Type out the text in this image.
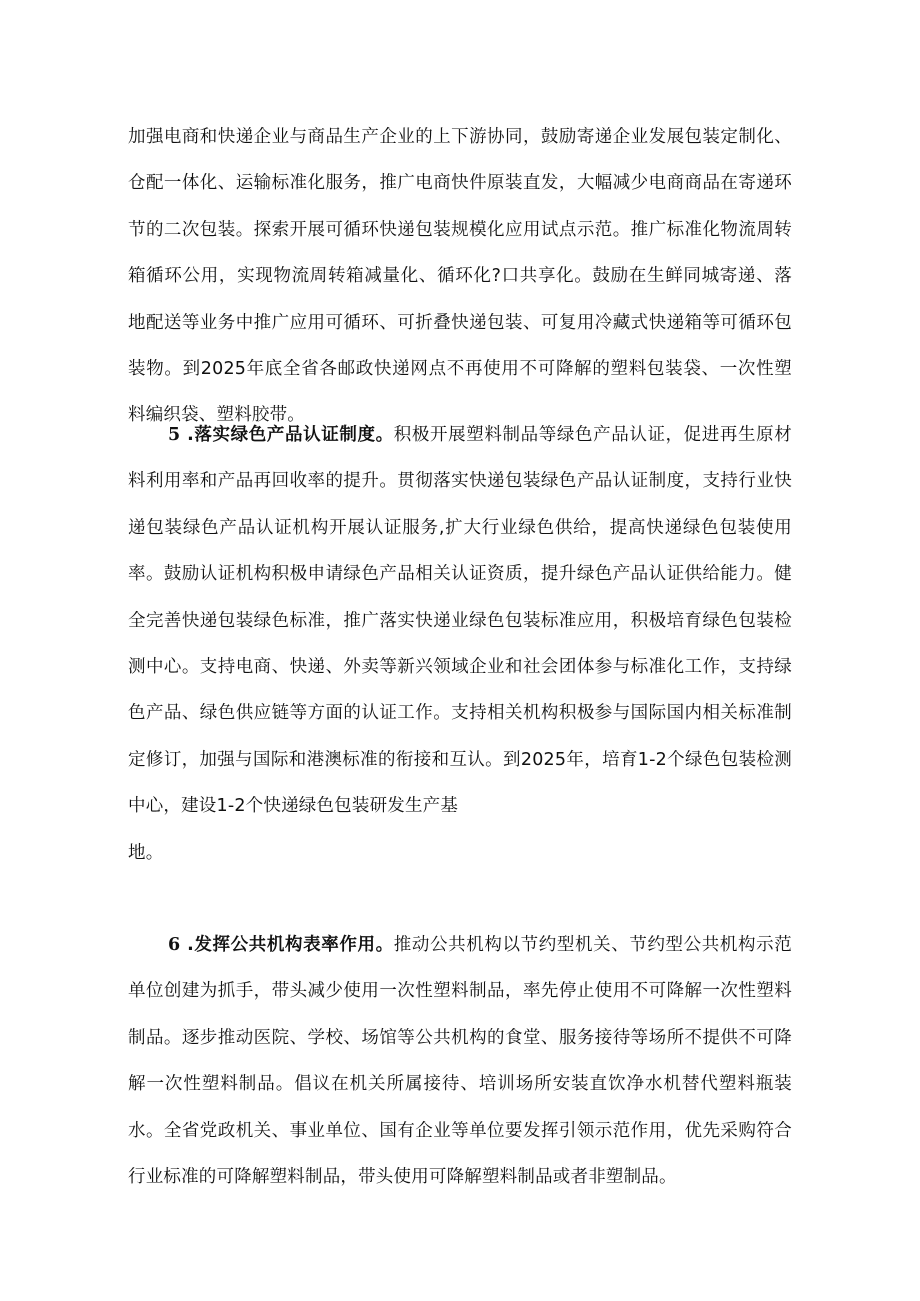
加强电商和快递企业与商品生产企业的上下游协同，鼓励寄递企业发展包装定制化、仓配一体化、运输标准化服务，推广电商快件原装直发，大幅减少电商商品在寄递环节的二次包装。探索开展可循环快递包装规模化应用试点示范。推广标准化物流周转箱循环公用，实现物流周转箱减量化、循环化?口共享化。鼓励在生鲜同城寄递、落地配送等业务中推广应用可循环、可折叠快递包装、可复用冷藏式快递箱等可循环包装物。到2025年底全省各邮政快递网点不再使用不可降解的塑料包装袋、一次性塑料编织袋、塑料胶带。

5 .落实绿色产品认证制度。积极开展塑料制品等绿色产品认证，促进再生原材料利用率和产品再回收率的提升。贯彻落实快递包装绿色产品认证制度，支持行业快递包装绿色产品认证机构开展认证服务,扩大行业绿色供给，提高快递绿色包装使用率。鼓励认证机构积极申请绿色产品相关认证资质，提升绿色产品认证供给能力。健全完善快递包装绿色标准，推广落实快递业绿色包装标准应用，积极培育绿色包装检测中心。支持电商、快递、外卖等新兴领域企业和社会团体参与标准化工作，支持绿色产品、绿色供应链等方面的认证工作。支持相关机构积极参与国际国内相关标准制定修订，加强与国际和港澳标准的衔接和互认。到2025年，培育1-2个绿色包装检测中心，建设1-2个快递绿色包装研发生产基

地。

6 .发挥公共机构表率作用。推动公共机构以节约型机关、节约型公共机构示范单位创建为抓手，带头减少使用一次性塑料制品，率先停止使用不可降解一次性塑料制品。逐步推动医院、学校、场馆等公共机构的食堂、服务接待等场所不提供不可降解一次性塑料制品。倡议在机关所属接待、培训场所安装直饮净水机替代塑料瓶装水。全省党政机关、事业单位、国有企业等单位要发挥引领示范作用，优先采购符合行业标准的可降解塑料制品，带头使用可降解塑料制品或者非塑制品。
